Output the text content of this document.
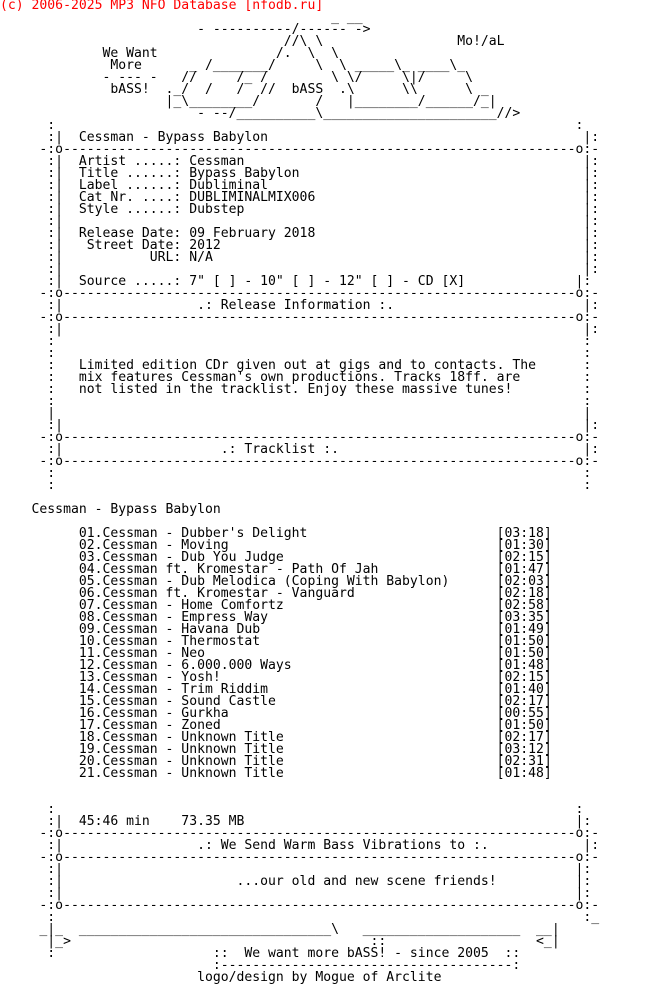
(c) 2006-2025 MP3 NFO Database [nfodb.ru]
_ __
- ----------/------ ->
//\ \                 Mo!/aL
We Want               /.  \  \
More      _ /_______/     \  \ _____\_ ____\_
- --- -   //     /_ /        \ \/     \|/     \
bASS!  ._/  /   /  //  bASS  .\      \\      \ _
|_\________/       /   |________/______/_|
- --/__________\______________________//>
:                                                                  :
:|  Cessman - Bypass Babylon                                        |:
-:o-----------------------------------------------------------------o:-
:|  Artist .....: Cessman                                           |:
:|  Title ......: Bypass Babylon                                    |:
:|  Label ......: Dubliminal                                        |:
:|  Cat Nr. ....: DUBLIMINALMIX006                                  |:
:|  Style ......: Dubstep                                           |:
:|                                                                  |:
:|  Release Date: 09 February 2018                                  |:
:|   Street Date: 2012                                              |:
:|           URL: N/A                                               |:
:|                                                                  |:
:|  Source .....: 7" [ ] - 10" [ ] - 12" [ ] - CD [X]              |:
-:o-----------------------------------------------------------------o:-
:|                 .: Release Information :.                        |:
-:o-----------------------------------------------------------------o:-
:|                                                                  |:
:                                                                   :
:                                                                   :
:   Limited edition CDr given out at gigs and to contacts. The      :
:   mix features Cessman's own productions. Tracks 18ff. are        :
:   not listed in the tracklist. Enjoy these massive tunes!         :
:                                                                   :
|                                                                   |
:|                                                                  |:
-:o-----------------------------------------------------------------o:-
:|                    .: Tracklist :.                               |:
-:o-----------------------------------------------------------------o:-
:                                                                   :
:                                                                   :

Cessman - Bypass Babylon

01.Cessman - Dubber's Delight                        [03:18]
02.Cessman - Moving                                  [01:30]
03.Cessman - Dub You Judge                           [02:15]
04.Cessman ft. Kromestar - Path Of Jah               [01:47]
05.Cessman - Dub Melodica (Coping With Babylon)      [02:03]
06.Cessman ft. Kromestar - Vanguard                  [02:18]
07.Cessman - Home Comfortz                           [02:58]
08.Cessman - Empress Way                             [03:35]
09.Cessman - Havana Dub                              [01:49]
10.Cessman - Thermostat                              [01:50]
11.Cessman - Neo                                     [01:50]
12.Cessman - 6.000.000 Ways                          [01:48]
13.Cessman - Yosh!                                   [02:15]
14.Cessman - Trim Riddim                             [01:40]
15.Cessman - Sound Castle                            [02:17]
16.Cessman - Gurkha                                  [00:55]
17.Cessman - Zoned                                   [01:50]
18.Cessman - Unknown Title                           [02:17]
19.Cessman - Unknown Title                           [03:12]
20.Cessman - Unknown Title                           [02:31]
21.Cessman - Unknown Title                           [01:48]

:                                                                  :
:|  45:46 min    73.35 MB                                          |:
-:o-----------------------------------------------------------------o:-
:|                 .: We Send Warm Bass Vibrations to :.            |:
-:o-----------------------------------------------------------------o:-
:|                                                                 |:
:|                      ...our old and new scene friends!          |:
:|                                                                 |:
-:o-----------------------------------------------------------------o:-
:                                                                   :_
_|_  ________________________________\   ____________________  __|
|_>                                      ::                   <_|
:                    ::  We want more bASS! - since 2005  ::
:-------------------------------------:
logo/design by Mogue of Arclite
